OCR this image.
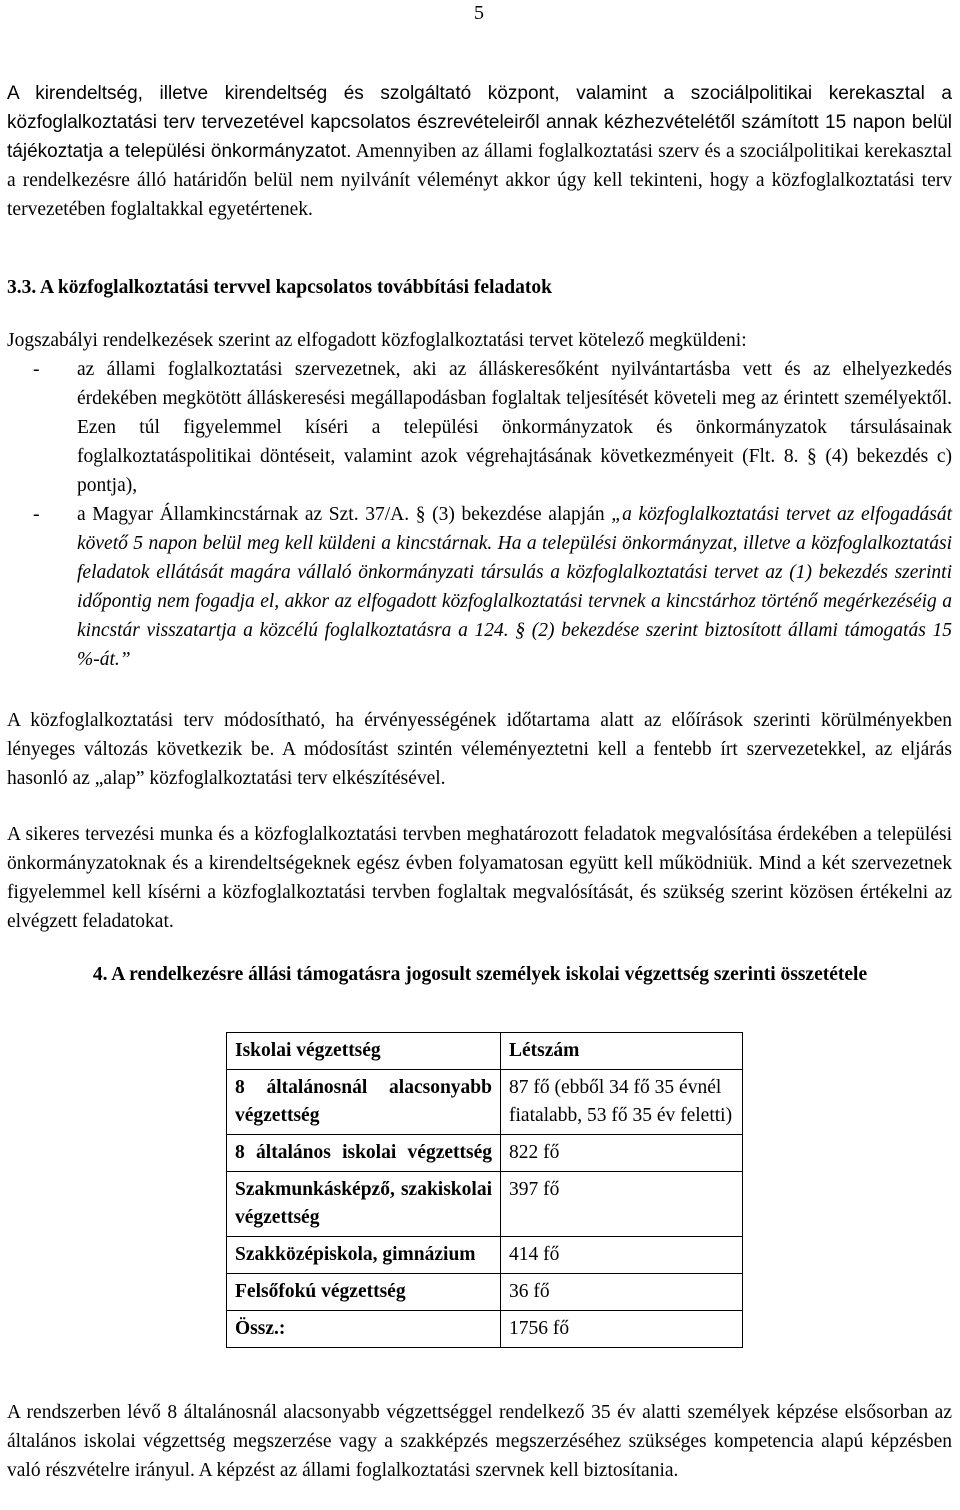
5

A kirendeltség, illetve kirendeltség és szolgáltató központ, valamint a szociálpolitikai kerekasztal a közfoglalkoztatási terv tervezetével kapcsolatos észrevételeiről annak kézhezvételétől számított 15 napon belül tájékoztatja a települési önkormányzatot. Amennyiben az állami foglalkoztatási szerv és a szociálpolitikai kerekasztal a rendelkezésre álló határidőn belül nem nyilvánít véleményt akkor úgy kell tekinteni, hogy a közfoglalkoztatási terv tervezetében foglaltakkal egyetértenek.

3.3. A közfoglalkoztatási tervvel kapcsolatos továbbítási feladatok

Jogszabályi rendelkezések szerint az elfogadott közfoglalkoztatási tervet kötelező megküldeni:

- az állami foglalkoztatási szervezetnek, aki az álláskeresőként nyilvántartásba vett és az elhelyezkedés érdekében megkötött álláskeresési megállapodásban foglaltak teljesítését követeli meg az érintett személyektől. Ezen túl figyelemmel kíséri a települési önkormányzatok és önkormányzatok társulásainak foglalkoztatáspolitikai döntéseit, valamint azok végrehajtásának következményeit (Flt. 8. § (4) bekezdés c) pontja),
- a Magyar Államkincstárnak az Szt. 37/A. § (3) bekezdése alapján „a közfoglalkoztatási tervet az elfogadását követő 5 napon belül meg kell küldeni a kincstárnak. Ha a települési önkormányzat, illetve a közfoglalkoztatási feladatok ellátását magára vállaló önkormányzati társulás a közfoglalkoztatási tervet az (1) bekezdés szerinti időpontig nem fogadja el, akkor az elfogadott közfoglalkoztatási tervnek a kincstárhoz történő megérkezéséig a kincstár visszatartja a közcélú foglalkoztatásra a 124. § (2) bekezdése szerint biztosított állami támogatás 15 %-át.”

A közfoglalkoztatási terv módosítható, ha érvényességének időtartama alatt az előírások szerinti körülményekben lényeges változás következik be. A módosítást szintén véleményeztetni kell a fentebb írt szervezetekkel, az eljárás hasonló az „alap” közfoglalkoztatási terv elkészítésével.

A sikeres tervezési munka és a közfoglalkoztatási tervben meghatározott feladatok megvalósítása érdekében a települési önkormányzatoknak és a kirendeltségeknek egész évben folyamatosan együtt kell működniük. Mind a két szervezetnek figyelemmel kell kísérni a közfoglalkoztatási tervben foglaltak megvalósítását, és szükség szerint közösen értékelni az elvégzett feladatokat.

4. A rendelkezésre állási támogatásra jogosult személyek iskolai végzettség szerinti összetétele

Iskolai végzettség	Létszám

8 általánosnál alacsonyabb végzettség	87 fő (ebből 34 fő 35 évnél fiatalabb, 53 fő 35 év feletti)

8 általános iskolai végzettség	822 fő
Szakmunkásképző, szakiskolai végzettség	397 fő
Szakközépiskola, gimnázium	414 fő
Felsőfokú végzettség	36 fő
Össz.:	1756 fő

A rendszerben lévő 8 általánosnál alacsonyabb végzettséggel rendelkező 35 év alatti személyek képzése elsősorban az általános iskolai végzettség megszerzése vagy a szakképzés megszerzéséhez szükséges kompetencia alapú képzésben való részvételre irányul. A képzést az állami foglalkoztatási szervnek kell biztosítania.
